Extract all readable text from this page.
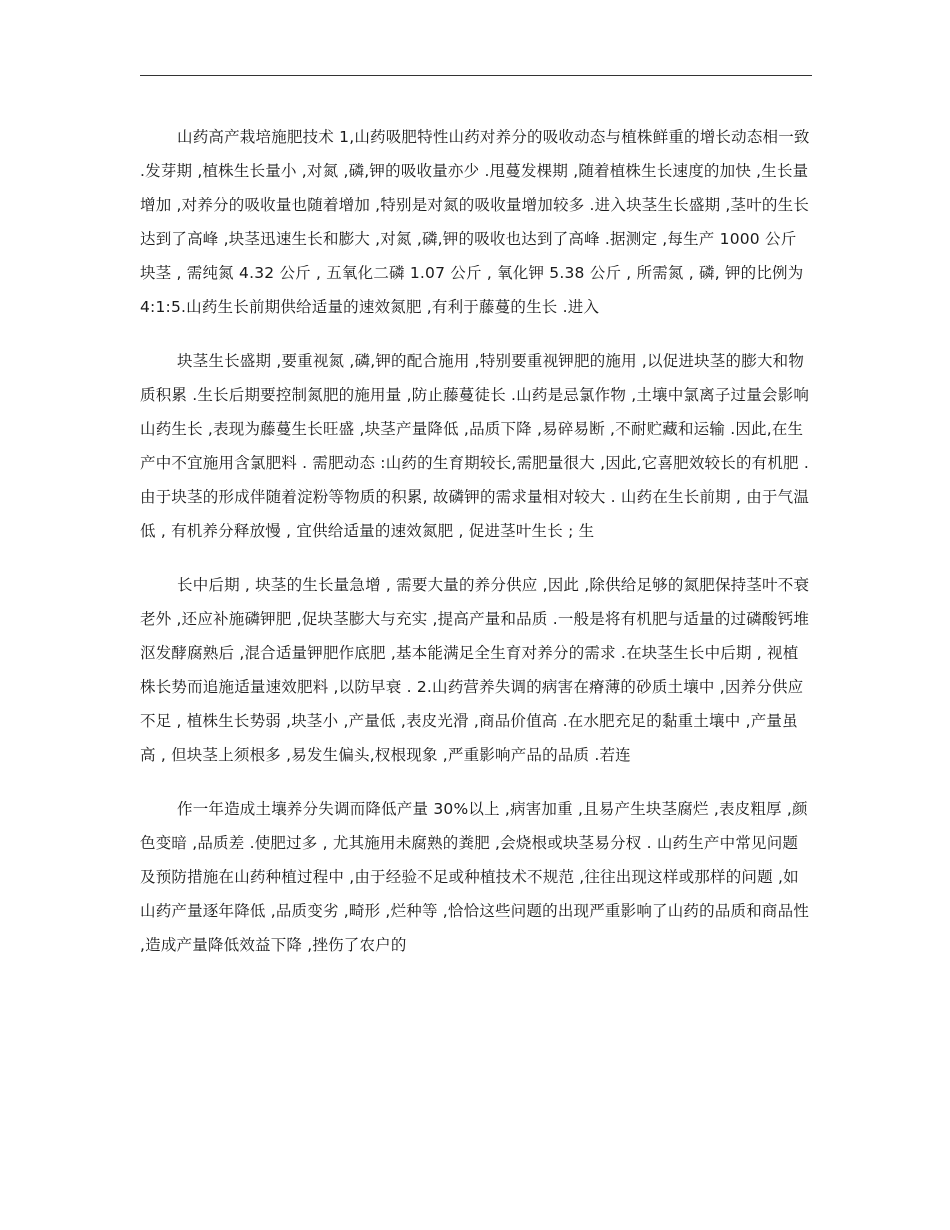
山药高产栽培施肥技术 1,山药吸肥特性山药对养分的吸收动态与植株鲜重的增长动态相一致 .发芽期 ,植株生长量小 ,对氮 ,磷,钾的吸收量亦少 .甩蔓发棵期 ,随着植株生长速度的加快 ,生长量增加 ,对养分的吸收量也随着增加 ,特别是对氮的吸收量增加较多 .进入块茎生长盛期 ,茎叶的生长达到了高峰 ,块茎迅速生长和膨大 ,对氮 ,磷,钾的吸收也达到了高峰 .据测定 ,每生产 1000 公斤块茎 , 需纯氮 4.32 公斤 , 五氧化二磷 1.07 公斤 , 氧化钾 5.38 公斤 , 所需氮 , 磷, 钾的比例为 4:1:5.山药生长前期供给适量的速效氮肥 ,有利于藤蔓的生长 .进入

块茎生长盛期 ,要重视氮 ,磷,钾的配合施用 ,特别要重视钾肥的施用 ,以促进块茎的膨大和物质积累 .生长后期要控制氮肥的施用量 ,防止藤蔓徒长 .山药是忌氯作物 ,土壤中氯离子过量会影响山药生长 ,表现为藤蔓生长旺盛 ,块茎产量降低 ,品质下降 ,易碎易断 ,不耐贮藏和运输 .因此,在生产中不宜施用含氯肥料 . 需肥动态 :山药的生育期较长,需肥量很大 ,因此,它喜肥效较长的有机肥 .由于块茎的形成伴随着淀粉等物质的积累, 故磷钾的需求量相对较大 . 山药在生长前期 , 由于气温低 , 有机养分释放慢 , 宜供给适量的速效氮肥 , 促进茎叶生长 ; 生

长中后期 , 块茎的生长量急增 , 需要大量的养分供应 ,因此 ,除供给足够的氮肥保持茎叶不衰老外 ,还应补施磷钾肥 ,促块茎膨大与充实 ,提高产量和品质 .一般是将有机肥与适量的过磷酸钙堆沤发酵腐熟后 ,混合适量钾肥作底肥 ,基本能满足全生育对养分的需求 .在块茎生长中后期 , 视植株长势而追施适量速效肥料 ,以防早衰 . 2.山药营养失调的病害在瘠薄的砂质土壤中 ,因养分供应不足 , 植株生长势弱 ,块茎小 ,产量低 ,表皮光滑 ,商品价值高 .在水肥充足的黏重土壤中 ,产量虽高 , 但块茎上须根多 ,易发生偏头,杈根现象 ,严重影响产品的品质 .若连

作一年造成土壤养分失调而降低产量 30%以上 ,病害加重 ,且易产生块茎腐烂 ,表皮粗厚 ,颜色变暗 ,品质差 .使肥过多 , 尤其施用未腐熟的粪肥 ,会烧根或块茎易分杈 . 山药生产中常见问题及预防措施在山药种植过程中 ,由于经验不足或种植技术不规范 ,往往出现这样或那样的问题 ,如山药产量逐年降低 ,品质变劣 ,畸形 ,烂种等 ,恰恰这些问题的出现严重影响了山药的品质和商品性 ,造成产量降低效益下降 ,挫伤了农户的
